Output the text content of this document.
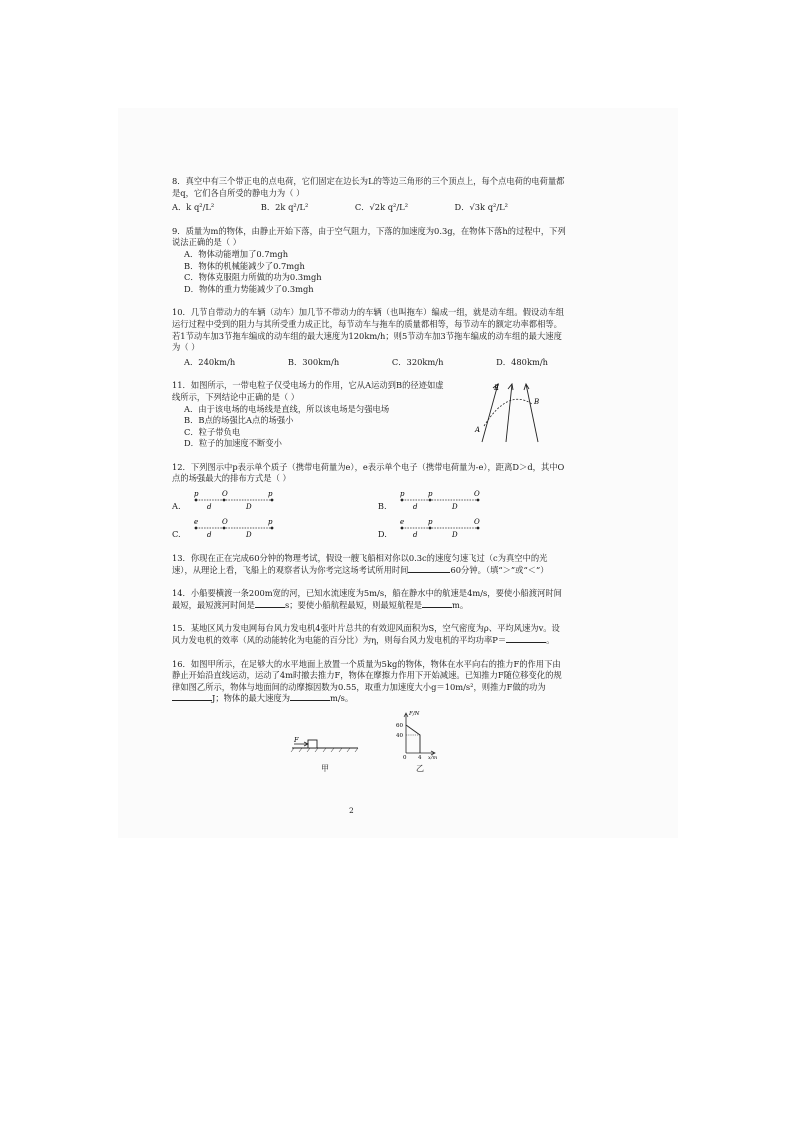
8．真空中有三个带正电的点电荷，它们固定在边长为L的等边三角形的三个顶点上，每个点电荷的电荷量都是q，它们各自所受的静电力为（ ）

A．k q²/L²	B．2k q²/L²	C．√2k q²/L²	D．√3k q²/L²

9．质量为m的物体，由静止开始下落，由于空气阻力，下落的加速度为0.3g，在物体下落h的过程中，下列说法正确的是（ ）

A．物体动能增加了0.7mgh

B．物体的机械能减少了0.7mgh

C．物体克服阻力所做的功为0.3mgh

D．物体的重力势能减少了0.3mgh

10．几节自带动力的车辆（动车）加几节不带动力的车辆（也叫拖车）编成一组，就是动车组。假设动车组运行过程中受到的阻力与其所受重力成正比，每节动车与拖车的质量都相等，每节动车的额定功率都相等。若1节动车加3节拖车编成的动车组的最大速度为120km/h；则5节动车加3节拖车编成的动车组的最大速度为（ ）

A．240km/h	B．300km/h	C．320km/h	D．480km/h

11．如图所示，一带电粒子仅受电场力的作用，它从A运动到B的径迹如虚线所示，下列结论中正确的是（ ）

A．由于该电场的电场线是直线，所以该电场是匀强电场

B．B点的场强比A点的场强小

C．粒子带负电

D．粒子的加速度不断变小

E
A
B

12．下列图示中p表示单个质子（携带电荷量为e），e表示单个电子（携带电荷量为-e），距离D＞d，其中O点的场强最大的排布方式是（ ）

A.
p	O	p
d	D	B.
p	p	O
d	D
C.
e	O	p
d	D	D.
e	p	O
d	D

13．你现在正在完成60分钟的物理考试，假设一艘飞船相对你以0.3c的速度匀速飞过（c为真空中的光速），从理论上看，飞船上的观察者认为你考完这场考试所用时间	60分钟。（填“＞”或“＜”）

14．小船要横渡一条200m宽的河，已知水流速度为5m/s，船在静水中的航速是4m/s，要使小船渡河时间最短，最短渡河时间是	s；要使小船航程最短，则最短航程是	m。

15．某地区风力发电网每台风力发电机4张叶片总共的有效迎风面积为S，空气密度为ρ、平均风速为v。设风力发电机的效率（风的动能转化为电能的百分比）为η，则每台风力发电机的平均功率P＝	。

16．如图甲所示，在足够大的水平地面上放置一个质量为5kg的物体，物体在水平向右的推力F的作用下由静止开始沿直线运动，运动了4m时撤去推力F，物体在摩擦力作用下开始减速。已知推力F随位移变化的规律如图乙所示，物体与地面间的动摩擦因数为0.55，取重力加速度大小g＝10m/s²，则推力F做的功为J；物体的最大速度为	m/s。

F
甲
F/N
60
40
0 4 x/m
乙
2
